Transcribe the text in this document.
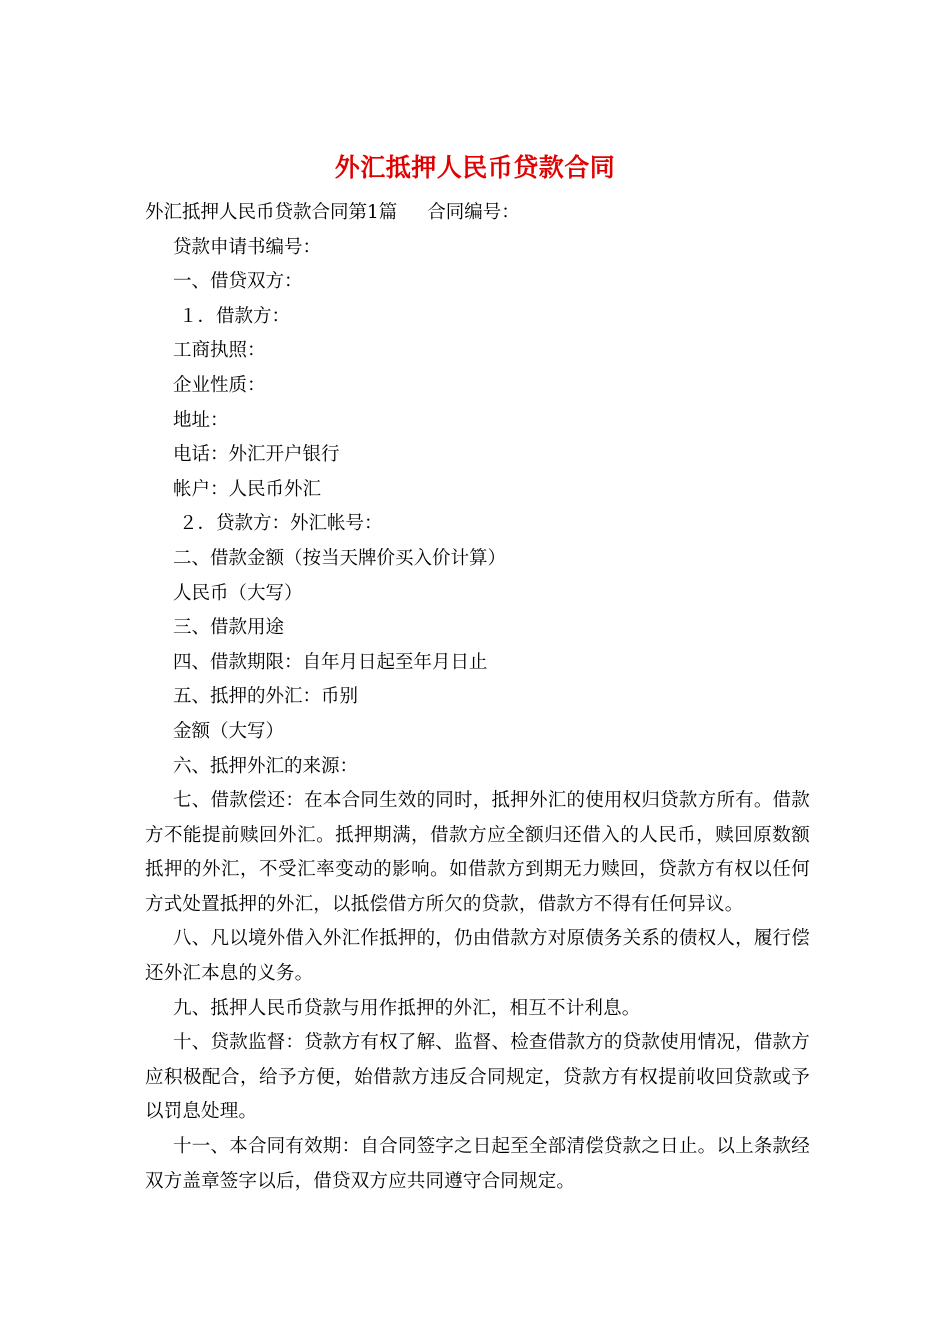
外汇抵押人民币贷款合同

外汇抵押人民币贷款合同第1篇 合同编号：

贷款申请书编号：

一、借贷双方：

１．借款方：

工商执照：

企业性质：

地址：

电话：外汇开户银行

帐户：人民币外汇

２．贷款方：外汇帐号：

二、借款金额（按当天牌价买入价计算）

人民币（大写）

三、借款用途

四、借款期限：自年月日起至年月日止

五、抵押的外汇：币别

金额（大写）

六、抵押外汇的来源：

七、借款偿还：在本合同生效的同时，抵押外汇的使用权归贷款方所有。借款方不能提前赎回外汇。抵押期满，借款方应全额归还借入的人民币，赎回原数额抵押的外汇，不受汇率变动的影响。如借款方到期无力赎回，贷款方有权以任何方式处置抵押的外汇，以抵偿借方所欠的贷款，借款方不得有任何异议。

八、凡以境外借入外汇作抵押的，仍由借款方对原债务关系的债权人，履行偿还外汇本息的义务。

九、抵押人民币贷款与用作抵押的外汇，相互不计利息。

十、贷款监督：贷款方有权了解、监督、检查借款方的贷款使用情况，借款方应积极配合，给予方便，始借款方违反合同规定，贷款方有权提前收回贷款或予以罚息处理。

十一、本合同有效期：自合同签字之日起至全部清偿贷款之日止。以上条款经双方盖章签字以后，借贷双方应共同遵守合同规定。
